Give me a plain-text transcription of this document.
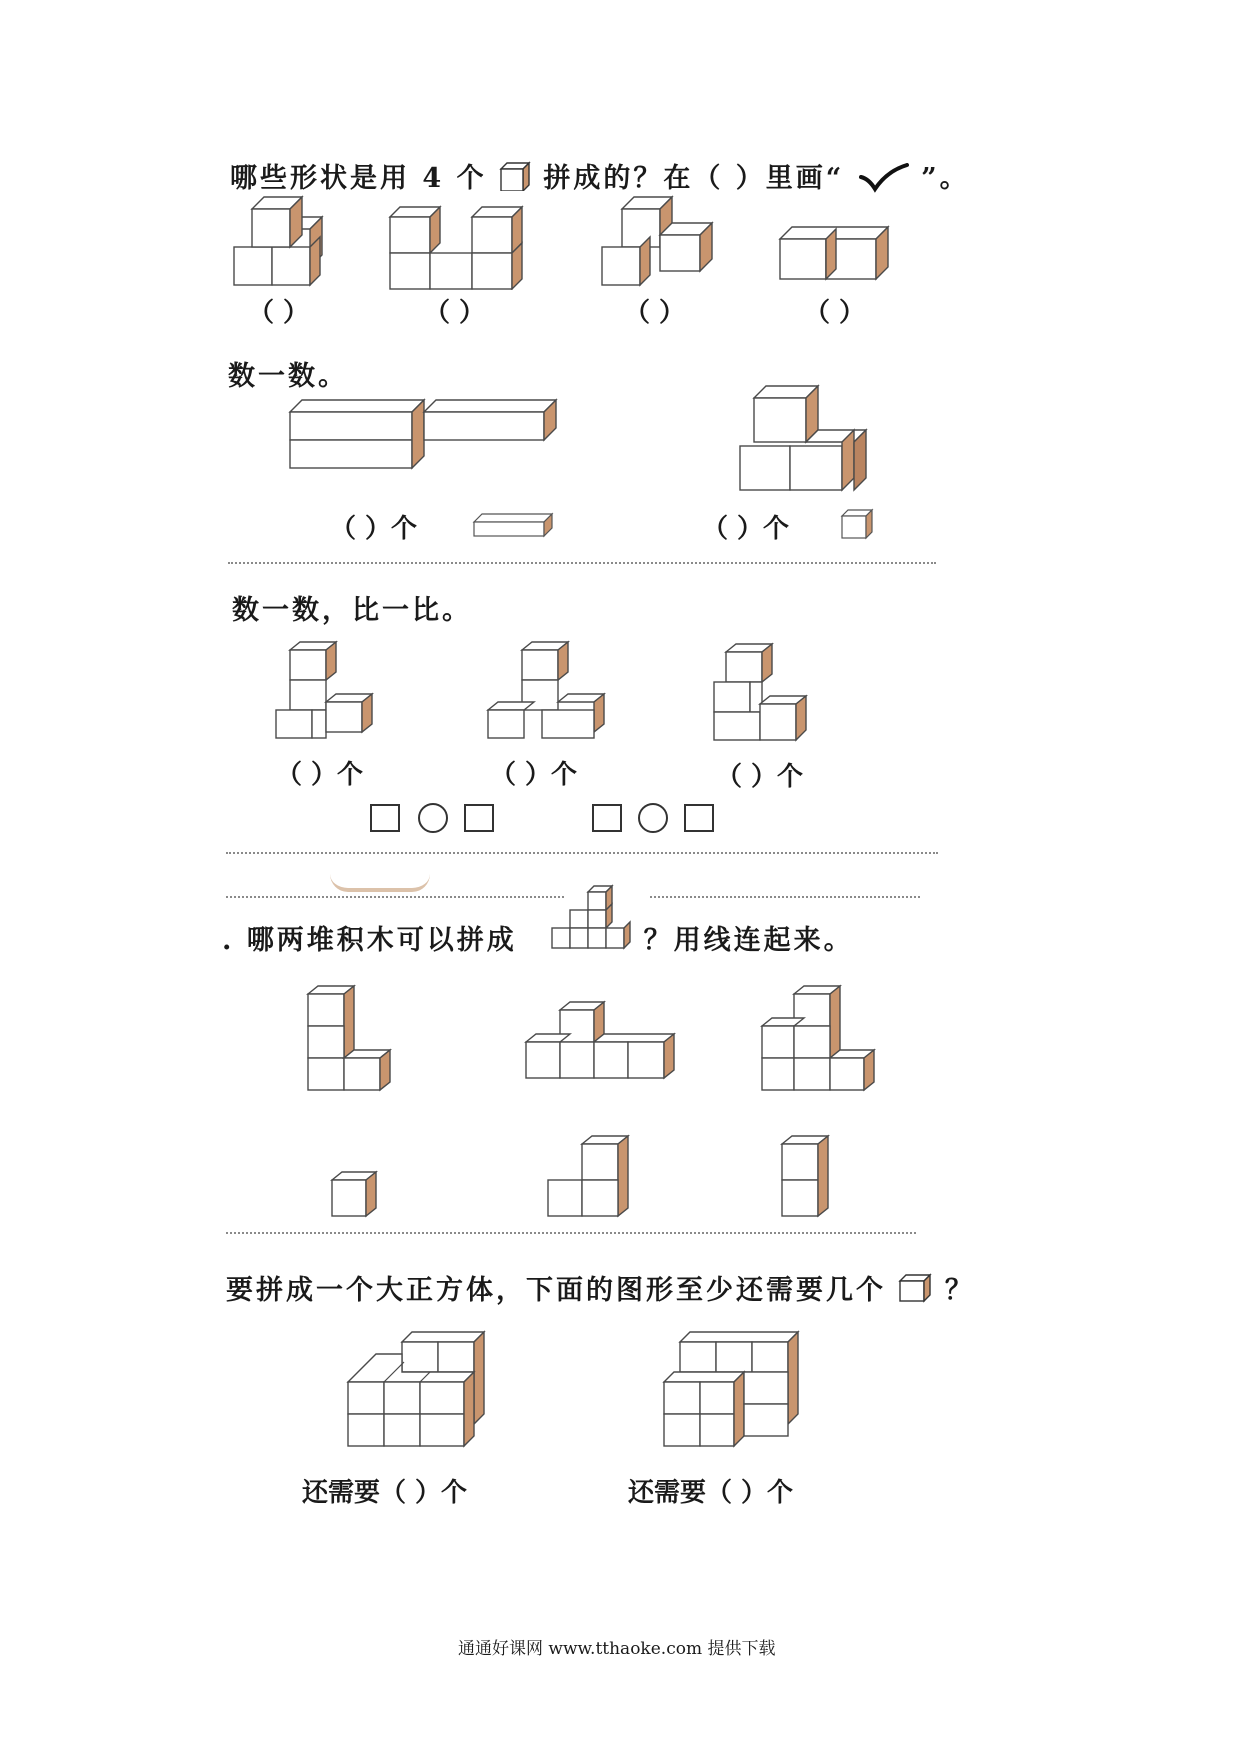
哪些形状是用 4 个 拼成的？在（ ）里画“	”。
（ ）	（ ）	（ ）	（ ）
数一数。
（ ）个	（ ）个
数一数，比一比。
（ ）个	（ ）个	（ ）个
. 哪两堆积木可以拼成	？用线连起来。
要拼成一个大正方体，下面的图形至少还需要几个 ？
还需要（ ）个	还需要（ ）个
通通好课网 www.tthaoke.com 提供下载
